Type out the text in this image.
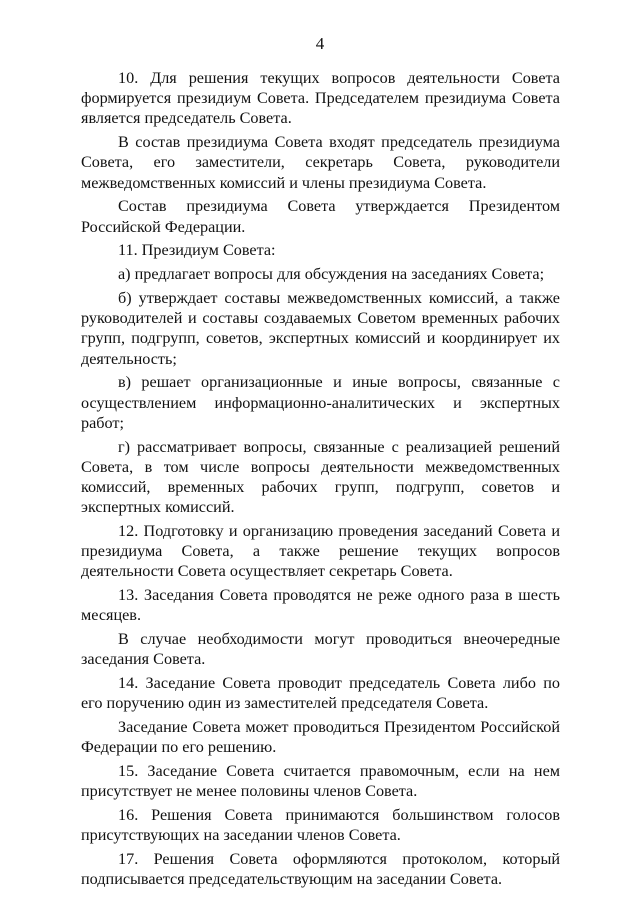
4

10. Для решения текущих вопросов деятельности Совета формируется президиум Совета. Председателем президиума Совета является председатель Совета.

В состав президиума Совета входят председатель президиума Совета, его заместители, секретарь Совета, руководители межведомственных комиссий и члены президиума Совета.

Состав президиума Совета утверждается Президентом Российской Федерации.

11. Президиум Совета:

а) предлагает вопросы для обсуждения на заседаниях Совета;

б) утверждает составы межведомственных комиссий, а также руководителей и составы создаваемых Советом временных рабочих групп, подгрупп, советов, экспертных комиссий и координирует их деятельность;

в) решает организационные и иные вопросы, связанные с осуществлением информационно-аналитических и экспертных работ;

г) рассматривает вопросы, связанные с реализацией решений Совета, в том числе вопросы деятельности межведомственных комиссий, временных рабочих групп, подгрупп, советов и экспертных комиссий.

12. Подготовку и организацию проведения заседаний Совета и президиума Совета, а также решение текущих вопросов деятельности Совета осуществляет секретарь Совета.

13. Заседания Совета проводятся не реже одного раза в шесть месяцев.

В случае необходимости могут проводиться внеочередные заседания Совета.

14. Заседание Совета проводит председатель Совета либо по его поручению один из заместителей председателя Совета.

Заседание Совета может проводиться Президентом Российской Федерации по его решению.

15. Заседание Совета считается правомочным, если на нем присутствует не менее половины членов Совета.

16. Решения Совета принимаются большинством голосов присутствующих на заседании членов Совета.

17. Решения Совета оформляются протоколом, который подписывается председательствующим на заседании Совета.
